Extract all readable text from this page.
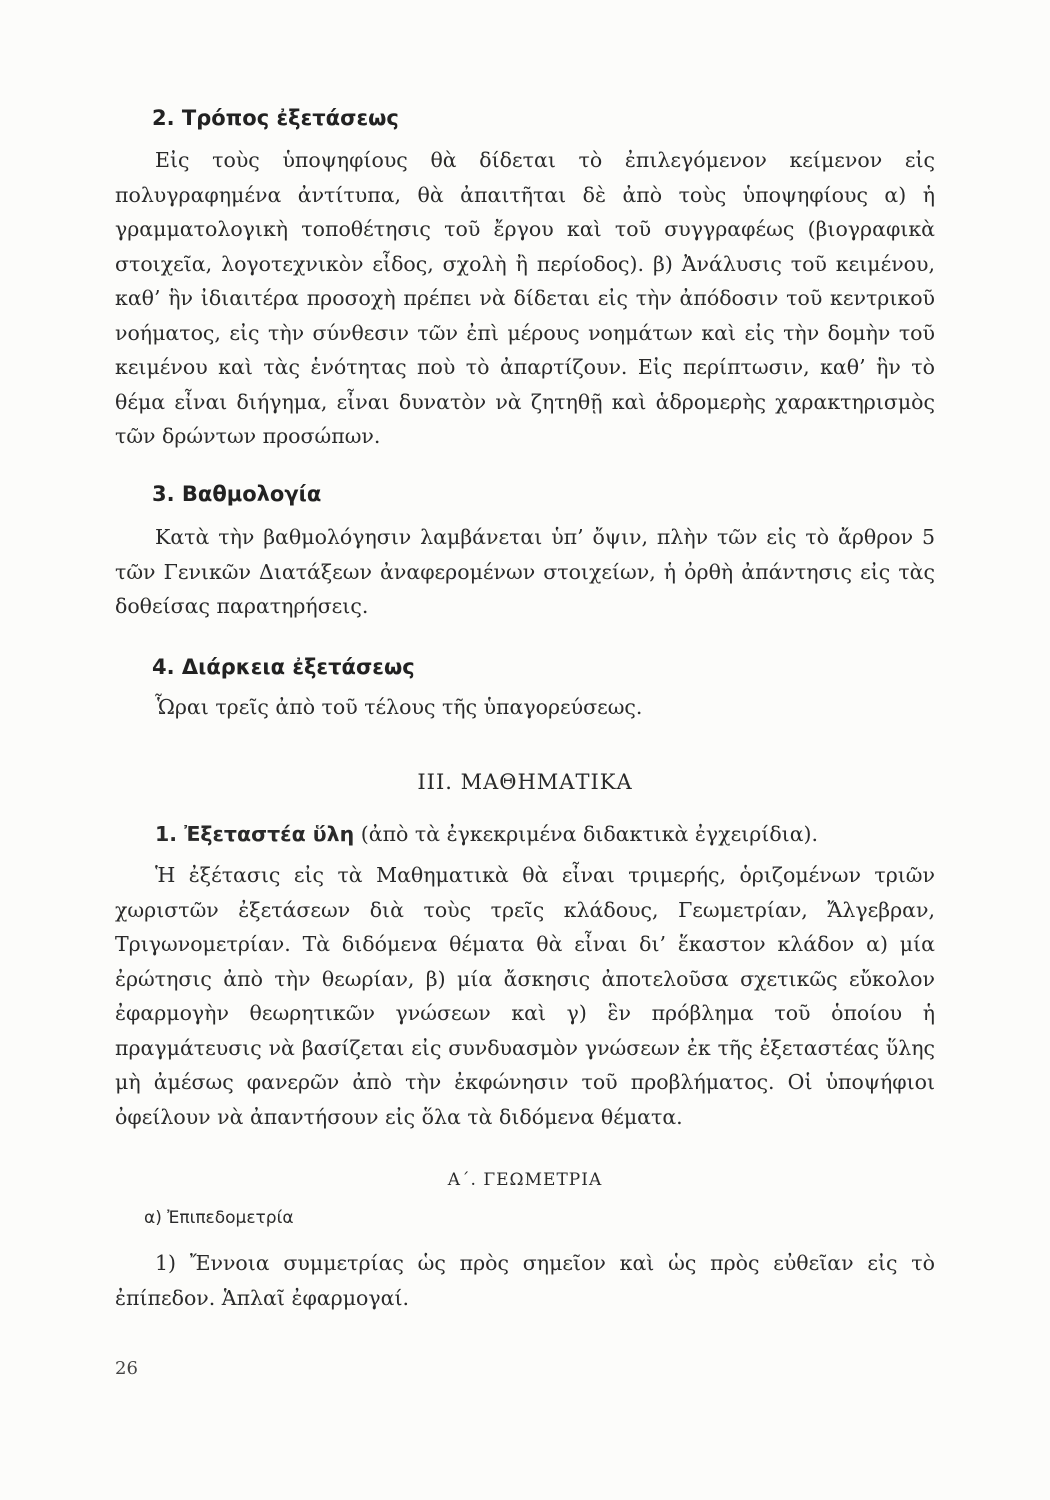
2. Τρόπος ἐξετάσεως

Εἰς τοὺς ὑποψηφίους θὰ δίδεται τὸ ἐπιλεγόμενον κείμενον εἰς πολυγραφημένα ἀντίτυπα, θὰ ἀπαιτῆται δὲ ἀπὸ τοὺς ὑποψηφίους α) ἡ γραμματολογικὴ τοποθέτησις τοῦ ἔργου καὶ τοῦ συγγραφέως (βιογραφικὰ στοιχεῖα, λογοτεχνικὸν εἶδος, σχολὴ ἢ περίοδος). β) Ἀνάλυσις τοῦ κειμένου, καθ’ ἣν ἰδιαιτέρα προσοχὴ πρέπει νὰ δίδεται εἰς τὴν ἀπόδοσιν τοῦ κεντρικοῦ νοήματος, εἰς τὴν σύνθεσιν τῶν ἐπὶ μέρους νοημάτων καὶ εἰς τὴν δομὴν τοῦ κειμένου καὶ τὰς ἑνότητας ποὺ τὸ ἀπαρτίζουν. Εἰς περίπτωσιν, καθ’ ἣν τὸ θέμα εἶναι διήγημα, εἶναι δυνατὸν νὰ ζητηθῇ καὶ ἁδρομερὴς χαρακτηρισμὸς τῶν δρώντων προσώπων.

3. Βαθμολογία

Κατὰ τὴν βαθμολόγησιν λαμβάνεται ὑπ’ ὄψιν, πλὴν τῶν εἰς τὸ ἄρθρον 5 τῶν Γενικῶν Διατάξεων ἀναφερομένων στοιχείων, ἡ ὀρθὴ ἀπάντησις εἰς τὰς δοθείσας παρατηρήσεις.

4. Διάρκεια ἐξετάσεως

Ὧραι τρεῖς ἀπὸ τοῦ τέλους τῆς ὑπαγορεύσεως.

III. ΜΑΘΗΜΑΤΙΚΑ
1. Ἐξεταστέα ὕλη (ἀπὸ τὰ ἐγκεκριμένα διδακτικὰ ἐγχειρίδια).

Ἡ ἐξέτασις εἰς τὰ Μαθηματικὰ θὰ εἶναι τριμερής, ὁριζομένων τριῶν χωριστῶν ἐξετάσεων διὰ τοὺς τρεῖς κλάδους, Γεωμετρίαν, Ἄλγεβραν, Τριγωνομετρίαν. Τὰ διδόμενα θέματα θὰ εἶναι δι’ ἕκαστον κλάδον α) μία ἐρώτησις ἀπὸ τὴν θεωρίαν, β) μία ἄσκησις ἀποτελοῦσα σχετικῶς εὔκολον ἐφαρμογὴν θεωρητικῶν γνώσεων καὶ γ) ἓν πρόβλημα τοῦ ὁποίου ἡ πραγμάτευσις νὰ βασίζεται εἰς συνδυασμὸν γνώσεων ἐκ τῆς ἐξεταστέας ὕλης μὴ ἀμέσως φανερῶν ἀπὸ τὴν ἐκφώνησιν τοῦ προβλήματος. Οἱ ὑποψήφιοι ὀφείλουν νὰ ἀπαντήσουν εἰς ὅλα τὰ διδόμενα θέματα.

Α΄. ΓΕΩΜΕΤΡΙΑ
α) Ἐπιπεδομετρία

1) Ἔννοια συμμετρίας ὡς πρὸς σημεῖον καὶ ὡς πρὸς εὐθεῖαν εἰς τὸ ἐπίπεδον. Ἁπλαῖ ἐφαρμογαί.

26
